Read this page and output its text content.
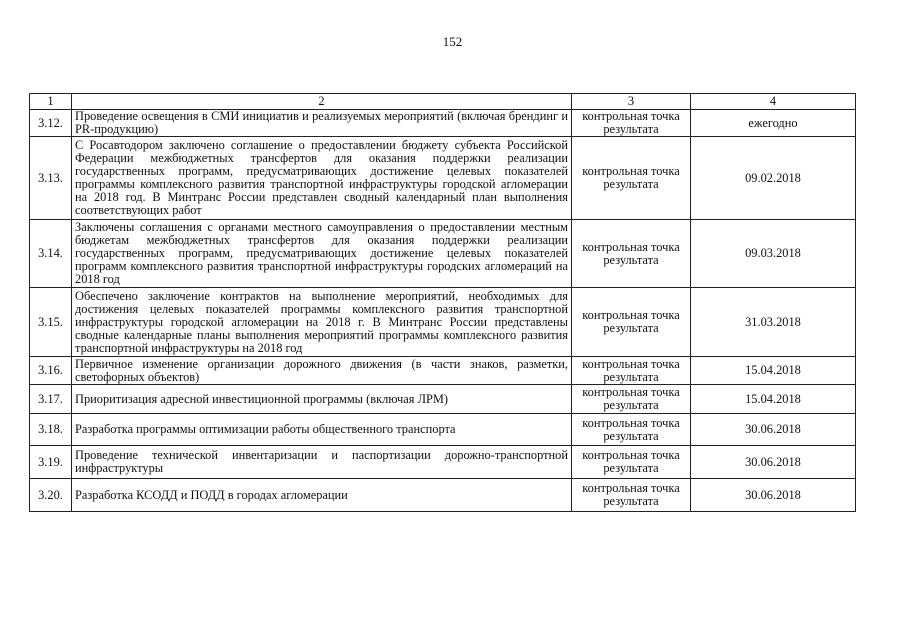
152
1	2	3	4
3.12.	Проведение освещения в СМИ инициатив и реализуемых мероприятий (включая брендинг и PR-продукцию)	контрольная точка результата	ежегодно
3.13.	С Росавтодором заключено соглашение о предоставлении бюджету субъекта Российской Федерации межбюджетных трансфертов для оказания поддержки реализации государственных программ, предусматривающих достижение целевых показателей программы комплексного развития транспортной инфраструктуры городской агломерации на 2018 год. В Минтранс России представлен сводный календарный план выполнения соответствующих работ	контрольная точка результата	09.02.2018
3.14.	Заключены соглашения с органами местного самоуправления о предоставлении местным бюджетам межбюджетных трансфертов для оказания поддержки реализации государственных программ, предусматривающих достижение целевых показателей программ комплексного развития транспортной инфраструктуры городских агломераций на 2018 год	контрольная точка результата	09.03.2018
3.15.	Обеспечено заключение контрактов на выполнение мероприятий, необходимых для достижения целевых показателей программы комплексного развития транспортной инфраструктуры городской агломерации на 2018 г. В Минтранс России представлены сводные календарные планы выполнения мероприятий программы комплексного развития транспортной инфраструктуры на 2018 год	контрольная точка результата	31.03.2018
3.16.	Первичное изменение организации дорожного движения (в части знаков, разметки, светофорных объектов)	контрольная точка результата	15.04.2018
3.17.	Приоритизация адресной инвестиционной программы (включая ЛРМ)	контрольная точка результата	15.04.2018
3.18.	Разработка программы оптимизации работы общественного транспорта	контрольная точка результата	30.06.2018
3.19.	Проведение технической инвентаризации и паспортизации дорожно-транспортной инфраструктуры	контрольная точка результата	30.06.2018
3.20.	Разработка КСОДД и ПОДД в городах агломерации	контрольная точка результата	30.06.2018
